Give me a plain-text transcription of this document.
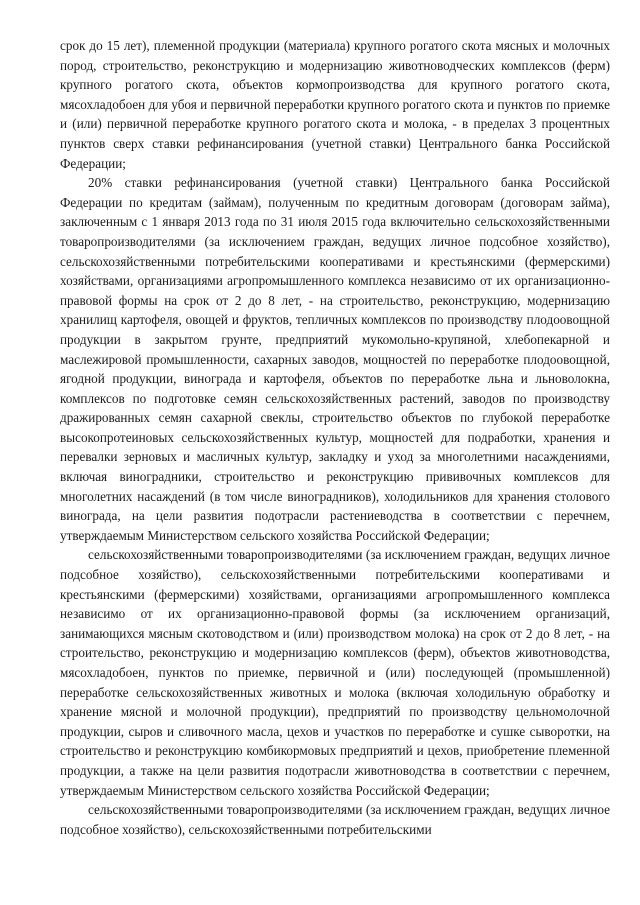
срок до 15 лет), племенной продукции (материала) крупного рогатого скота мясных и молочных пород, строительство, реконструкцию и модернизацию животноводческих комплексов (ферм) крупного рогатого скота, объектов кормопроизводства для крупного рогатого скота, мясохладобоен для убоя и первичной переработки крупного рогатого скота и пунктов по приемке и (или) первичной переработке крупного рогатого скота и молока, - в пределах 3 процентных пунктов сверх ставки рефинансирования (учетной ставки) Центрального банка Российской Федерации;

20% ставки рефинансирования (учетной ставки) Центрального банка Российской Федерации по кредитам (займам), полученным по кредитным договорам (договорам займа), заключенным с 1 января 2013 года по 31 июля 2015 года включительно сельскохозяйственными товаропроизводителями (за исключением граждан, ведущих личное подсобное хозяйство), сельскохозяйственными потребительскими кооперативами и крестьянскими (фермерскими) хозяйствами, организациями агропромышленного комплекса независимо от их организационно-правовой формы на срок от 2 до 8 лет, - на строительство, реконструкцию, модернизацию хранилищ картофеля, овощей и фруктов, тепличных комплексов по производству плодоовощной продукции в закрытом грунте, предприятий мукомольно-крупяной, хлебопекарной и маслежировой промышленности, сахарных заводов, мощностей по переработке плодоовощной, ягодной продукции, винограда и картофеля, объектов по переработке льна и льноволокна, комплексов по подготовке семян сельскохозяйственных растений, заводов по производству дражированных семян сахарной свеклы, строительство объектов по глубокой переработке высокопротеиновых сельскохозяйственных культур, мощностей для подработки, хранения и перевалки зерновых и масличных культур, закладку и уход за многолетними насаждениями, включая виноградники, строительство и реконструкцию прививочных комплексов для многолетних насаждений (в том числе виноградников), холодильников для хранения столового винограда, на цели развития подотрасли растениеводства в соответствии с перечнем, утверждаемым Министерством сельского хозяйства Российской Федерации;

сельскохозяйственными товаропроизводителями (за исключением граждан, ведущих личное подсобное хозяйство), сельскохозяйственными потребительскими кооперативами и крестьянскими (фермерскими) хозяйствами, организациями агропромышленного комплекса независимо от их организационно-правовой формы (за исключением организаций, занимающихся мясным скотоводством и (или) производством молока) на срок от 2 до 8 лет, - на строительство, реконструкцию и модернизацию комплексов (ферм), объектов животноводства, мясохладобоен, пунктов по приемке, первичной и (или) последующей (промышленной) переработке сельскохозяйственных животных и молока (включая холодильную обработку и хранение мясной и молочной продукции), предприятий по производству цельномолочной продукции, сыров и сливочного масла, цехов и участков по переработке и сушке сыворотки, на строительство и реконструкцию комбикормовых предприятий и цехов, приобретение племенной продукции, а также на цели развития подотрасли животноводства в соответствии с перечнем, утверждаемым Министерством сельского хозяйства Российской Федерации;

сельскохозяйственными товаропроизводителями (за исключением граждан, ведущих личное подсобное хозяйство), сельскохозяйственными потребительскими
